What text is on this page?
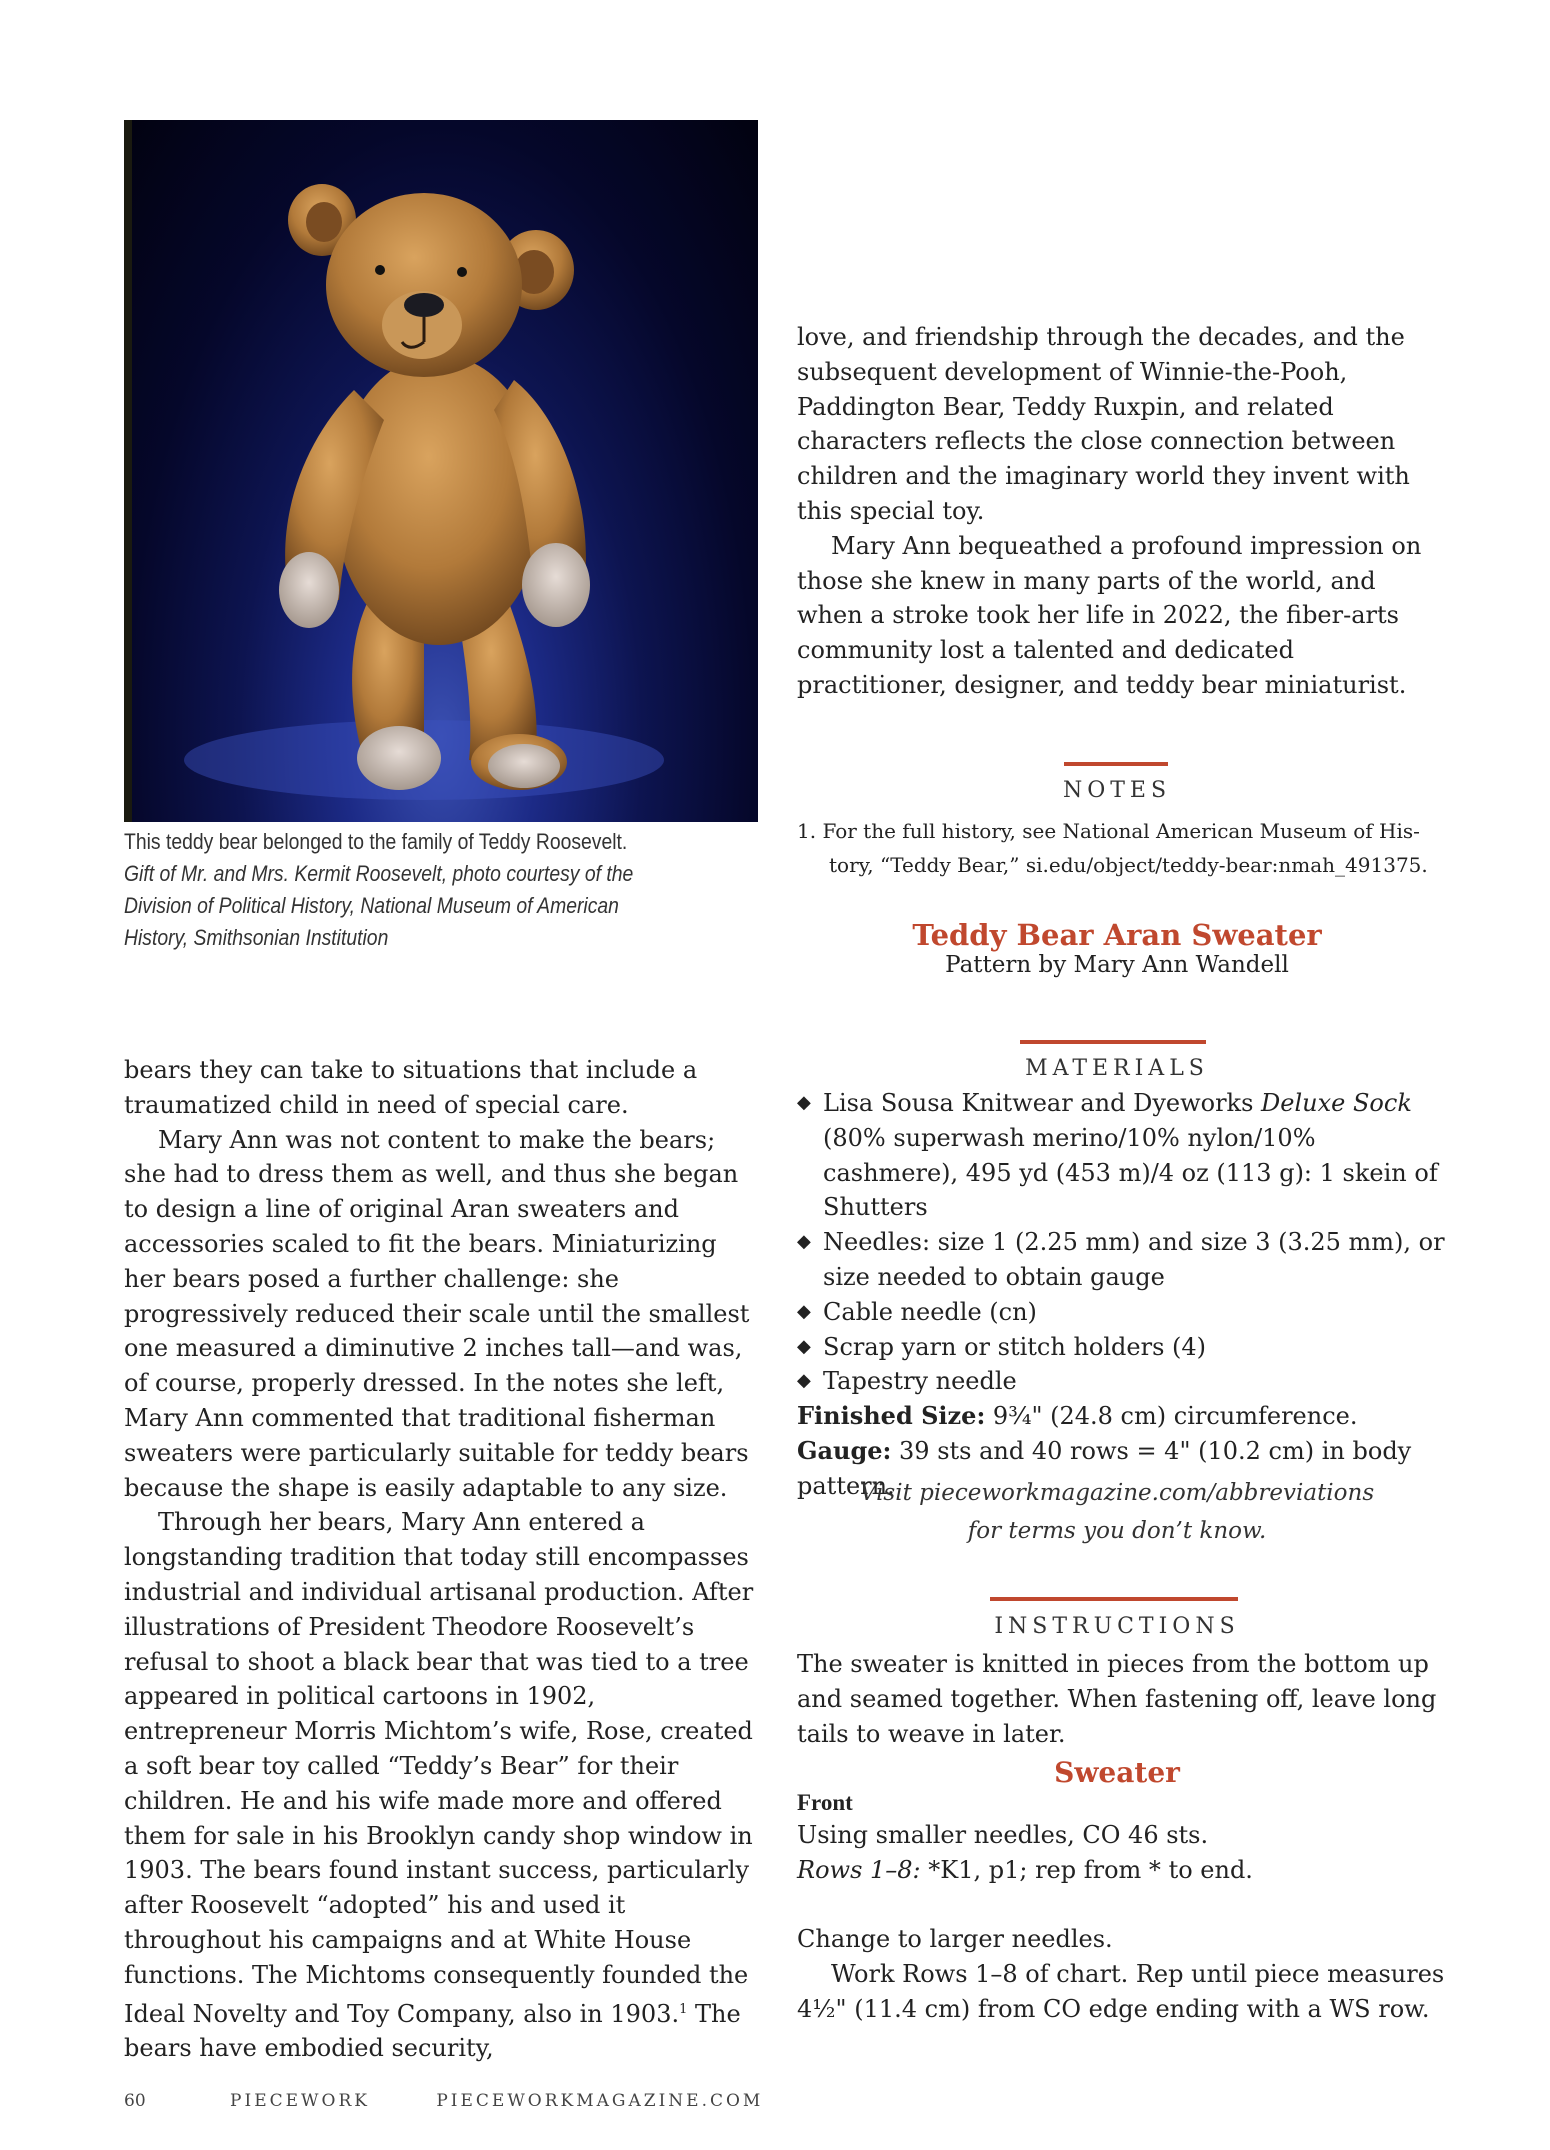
This teddy bear belonged to the family of Teddy Roosevelt.
Gift of Mr. and Mrs. Kermit Roosevelt, photo courtesy of the Division of Political History, National Museum of American History, Smithsonian Institution

love, and friendship through the decades, and the subsequent development of Winnie-the-Pooh, Paddington Bear, Teddy Ruxpin, and related characters reflects the close connection between children and the imaginary world they invent with this special toy.

Mary Ann bequeathed a profound impression on those she knew in many parts of the world, and when a stroke took her life in 2022, the fiber-arts community lost a talented and dedicated practitioner, designer, and teddy bear miniaturist.

NOTES
1. For the full history, see National American Museum of His-
tory, “Teddy Bear,” si.edu/object/teddy-bear:nmah_491375.
Teddy Bear Aran Sweater
Pattern by Mary Ann Wandell

bears they can take to situations that include a traumatized child in need of special care.

Mary Ann was not content to make the bears; she had to dress them as well, and thus she began to design a line of original Aran sweaters and accessories scaled to fit the bears. Miniaturizing her bears posed a further challenge: she progressively reduced their scale until the smallest one measured a diminutive 2 inches tall—and was, of course, properly dressed. In the notes she left, Mary Ann commented that traditional fisherman sweaters were particularly suitable for teddy bears because the shape is easily adaptable to any size.

Through her bears, Mary Ann entered a longstanding tradition that today still encompasses industrial and individual artisanal production. After illustrations of President Theodore Roosevelt’s refusal to shoot a black bear that was tied to a tree appeared in political cartoons in 1902, entrepreneur Morris Michtom’s wife, Rose, created a soft bear toy called “Teddy’s Bear” for their children. He and his wife made more and offered them for sale in his Brooklyn candy shop window in 1903. The bears found instant success, particularly after Roosevelt “adopted” his and used it throughout his campaigns and at White House functions. The Michtoms consequently founded the Ideal Novelty and Toy Company, also in 1903.$^1$ The bears have embodied security,

MATERIALS
◆ Lisa Sousa Knitwear and Dyeworks Deluxe Sock (80% superwash merino/10% nylon/10% cashmere), 495 yd (453 m)/4 oz (113 g): 1 skein of Shutters
◆ Needles: size 1 (2.25 mm) and size 3 (3.25 mm), or size needed to obtain gauge
◆ Cable needle (cn)
◆ Scrap yarn or stitch holders (4)
◆ Tapestry needle
Finished Size: 9¾" (24.8 cm) circumference.
Gauge: 39 sts and 40 rows = 4" (10.2 cm) in body pattern.
Visit pieceworkmagazine.com/abbreviations
for terms you don’t know.
INSTRUCTIONS

The sweater is knitted in pieces from the bottom up and seamed together. When fastening off, leave long tails to weave in later.

Sweater
Front

Using smaller needles, CO 46 sts.

Rows 1–8: *K1, p1; rep from * to end.

Change to larger needles.

Work Rows 1–8 of chart. Rep until piece measures 4½" (11.4 cm) from CO edge ending with a WS row.

60	PIECEWORK	PIECEWORKMAGAZINE.COM
